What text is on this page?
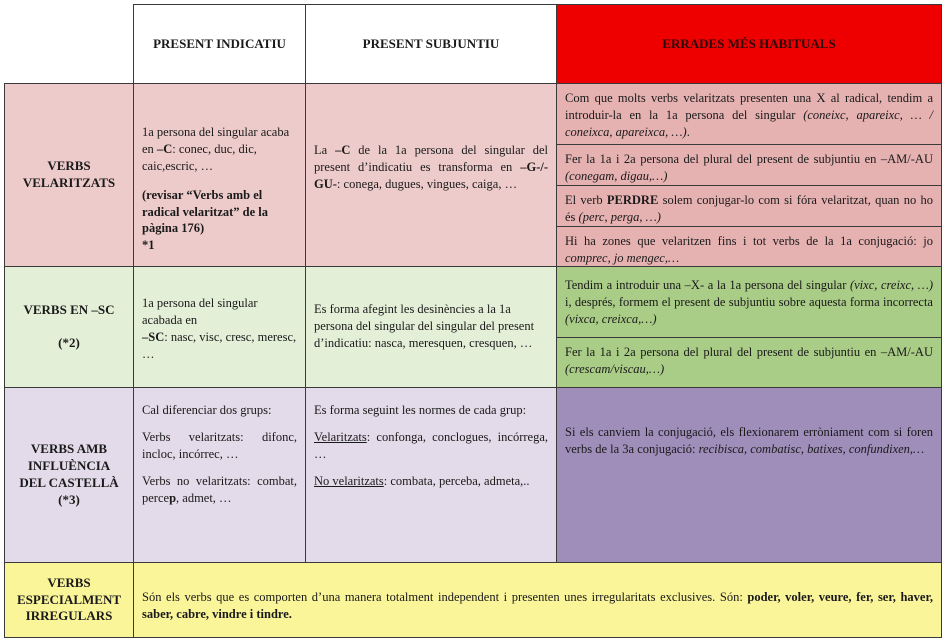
PRESENT INDICATIU	PRESENT SUBJUNTIU	ERRADES MÉS HABITUALS
VERBS VELARITZATS

1a persona del singular acaba en –C: conec, duc, dic, caic,escric, …

(revisar “Verbs amb el radical velaritzat” de la pàgina 176)

*1

La –C de la 1a persona del singular del present d’indicatiu es transforma en –G-/-GU-: conega, dugues, vingues, caiga, …

Com que molts verbs velaritzats presenten una X al radical, tendim a introduir-la en la 1a persona del singular (coneixc, apareixc, … / coneixca, apareixca, …).
Fer la 1a i 2a persona del plural del present de subjuntiu en –AM/-AU (conegam, digau,…)
El verb PERDRE solem conjugar-lo com si fóra velaritzat, quan no ho és (perc, perga, …)
Hi ha zones que velaritzen fins i tot verbs de la 1a conjugació: jo comprec, jo mengec,…
VERBS EN –SC
(*2)

1a persona del singular acabada en

–SC: nasc, visc, cresc, meresc, …

Es forma afegint les desinències a la 1a persona del singular del singular del present d’indicatiu: nasca, meresquen, cresquen, …

Tendim a introduir una –X- a la 1a persona del singular (vixc, creixc, …) i, després, formem el present de subjuntiu sobre aquesta forma incorrecta (vixca, creixca,…)
Fer la 1a i 2a persona del plural del present de subjuntiu en –AM/-AU (crescam/viscau,…)
VERBS AMB
INFLUÈNCIA
DEL CASTELLÀ
(*3)

Cal diferenciar dos grups:

Verbs velaritzats: difonc, incloc, incórrec, …

Verbs no velaritzats: combat, percep, admet, …

Es forma seguint les normes de cada grup:

Velaritzats: confonga, conclogues, incórrega, …

No velaritzats: combata, perceba, admeta,..

Si els canviem la conjugació, els flexionarem erròniament com si foren verbs de la 3a conjugació: recibisca, combatisc, batixes, confundixen,…
VERBS
ESPECIALMENT
IRREGULARS
Són els verbs que es comporten d’una manera totalment independent i presenten unes irregularitats exclusives. Són: poder, voler, veure, fer, ser, haver, saber, cabre, vindre i tindre.
